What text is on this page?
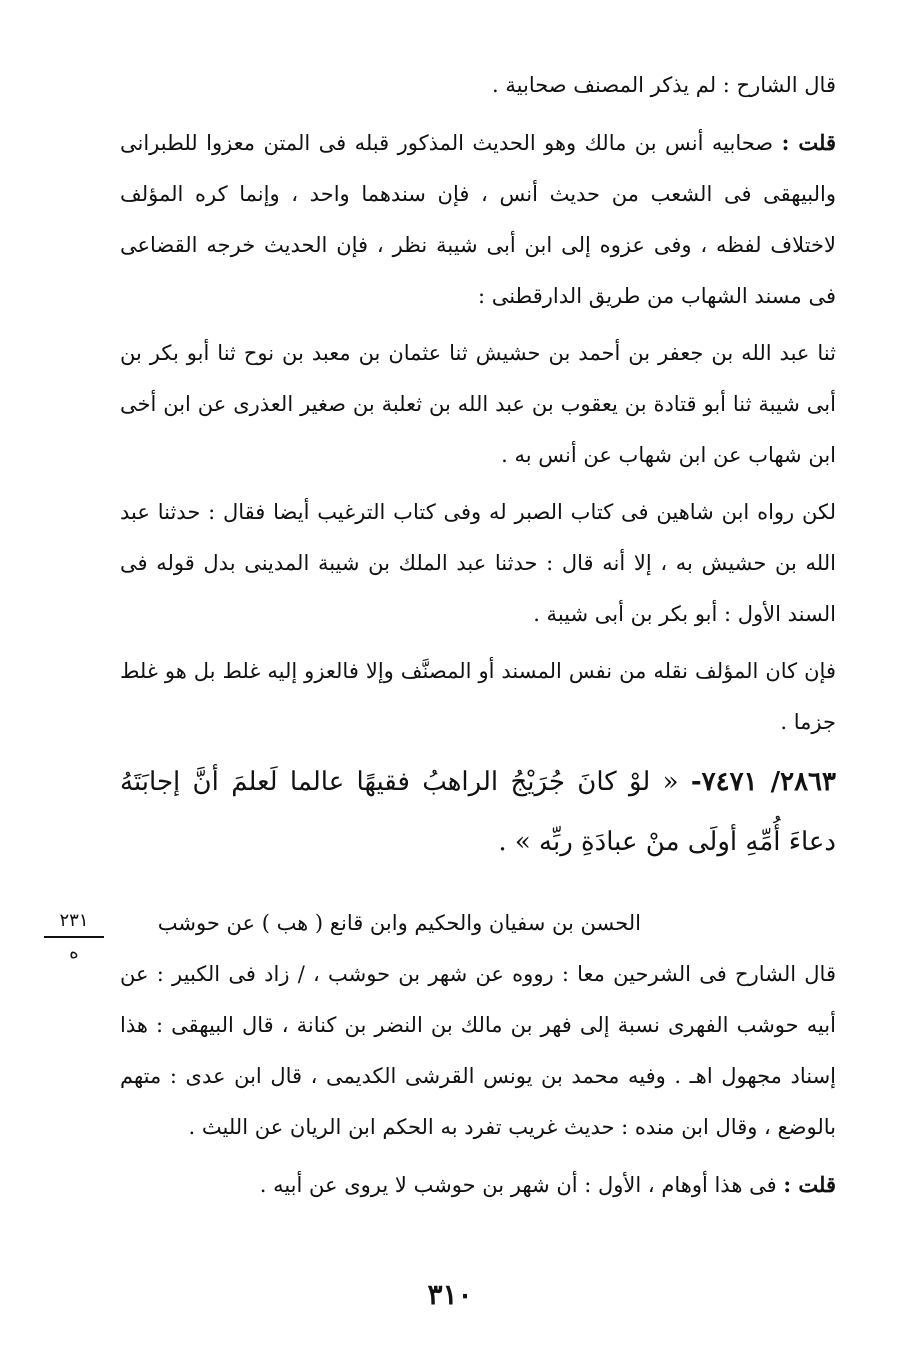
قال الشارح : لم يذكر المصنف صحابية .

قلت : صحابيه أنس بن مالك وهو الحديث المذكور قبله فى المتن معزوا للطبرانى والبيهقى فى الشعب من حديث أنس ، فإن سندهما واحد ، وإنما كره المؤلف لاختلاف لفظه ، وفى عزوه إلى ابن أبى شيبة نظر ، فإن الحديث خرجه القضاعى فى مسند الشهاب من طريق الدارقطنى :

ثنا عبد الله بن جعفر بن أحمد بن حشيش ثنا عثمان بن معبد بن نوح ثنا أبو بكر بن أبى شيبة ثنا أبو قتادة بن يعقوب بن عبد الله بن ثعلبة بن صغير العذرى عن ابن أخى ابن شهاب عن ابن شهاب عن أنس به .

لكن رواه ابن شاهين فى كتاب الصبر له وفى كتاب الترغيب أيضا فقال : حدثنا عبد الله بن حشيش به ، إلا أنه قال : حدثنا عبد الملك بن شيبة المدينى بدل قوله فى السند الأول : أبو بكر بن أبى شيبة .

فإن كان المؤلف نقله من نفس المسند أو المصنَّف وإلا فالعزو إليه غلط بل هو غلط جزما .

٢٨٦٣/ ٧٤٧١- « لوْ كانَ جُرَيْجُ الراهبُ فقيهًا عالما لَعلمَ أنَّ إجابَتَهُ دعاءَ أُمِّهِ أولَى منْ عبادَةِ ربِّه » .

الحسن بن سفيان والحكيم وابن قانع ( هب ) عن حوشب

قال الشارح فى الشرحين معا : رووه عن شهر بن حوشب ، / زاد فى الكبير : عن أبيه حوشب الفهرى نسبة إلى فهر بن مالك بن النضر بن كنانة ، قال البيهقى : هذا إسناد مجهول اهـ . وفيه محمد بن يونس القرشى الكديمى ، قال ابن عدى : متهم بالوضع ، وقال ابن منده : حديث غريب تفرد به الحكم ابن الريان عن الليث .

قلت : فى هذا أوهام ، الأول : أن شهر بن حوشب لا يروى عن أبيه .

٢٣١
ه
٣١٠
